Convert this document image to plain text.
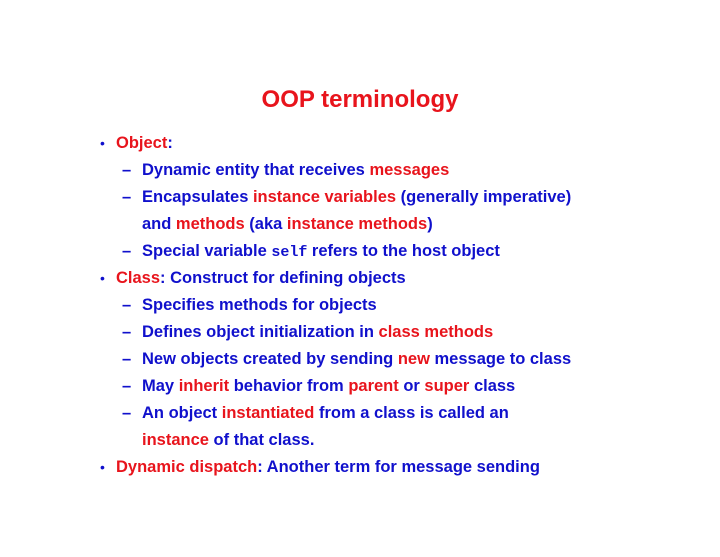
OOP terminology
• Object:
– Dynamic entity that receives messages
– Encapsulates instance variables (generally imperative)
and methods (aka instance methods)
– Special variable self refers to the host object
• Class: Construct for defining objects
– Specifies methods for objects
– Defines object initialization in class methods
– New objects created by sending new message to class
– May inherit behavior from parent or super class
– An object instantiated from a class is called an
instance of that class.
• Dynamic dispatch: Another term for message sending
